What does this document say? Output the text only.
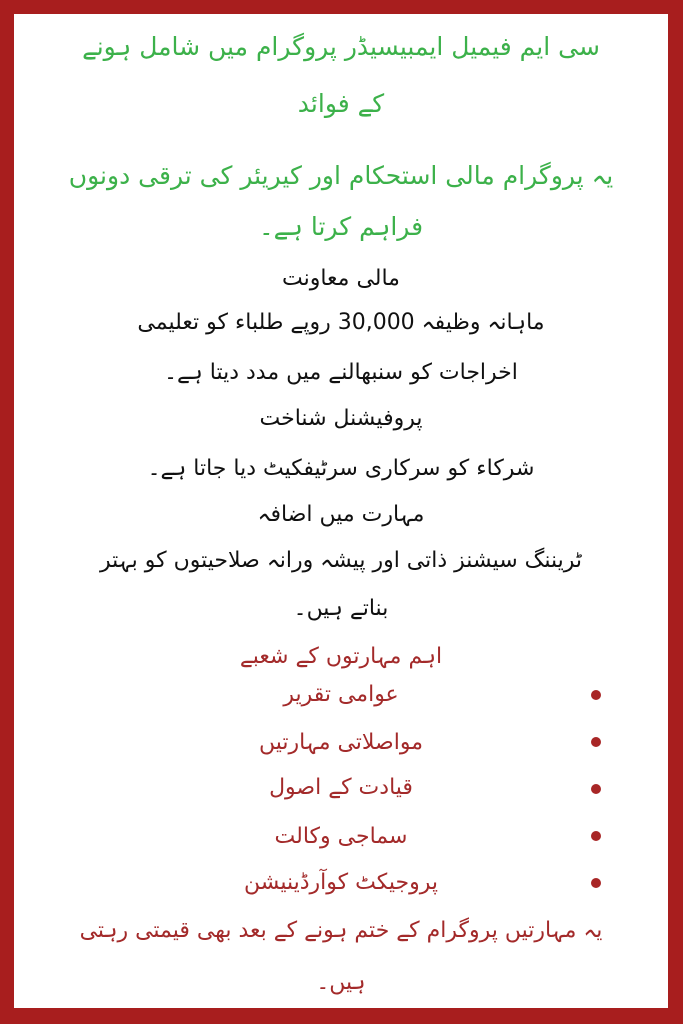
سی ایم فیمیل ایمبیسیڈر پروگرام میں شامل ہونے
کے فوائد
یہ پروگرام مالی استحکام اور کیریئر کی ترقی دونوں
فراہم کرتا ہے۔
مالی معاونت
ماہانہ وظیفہ 30,000 روپے طلباء کو تعلیمی
اخراجات کو سنبھالنے میں مدد دیتا ہے۔
پروفیشنل شناخت
شرکاء کو سرکاری سرٹیفکیٹ دیا جاتا ہے۔
مہارت میں اضافہ
ٹریننگ سیشنز ذاتی اور پیشہ ورانہ صلاحیتوں کو بہتر
بناتے ہیں۔
اہم مہارتوں کے شعبے
عوامی تقریر
مواصلاتی مہارتیں
قیادت کے اصول
سماجی وکالت
پروجیکٹ کوآرڈینیشن
یہ مہارتیں پروگرام کے ختم ہونے کے بعد بھی قیمتی رہتی
ہیں۔
